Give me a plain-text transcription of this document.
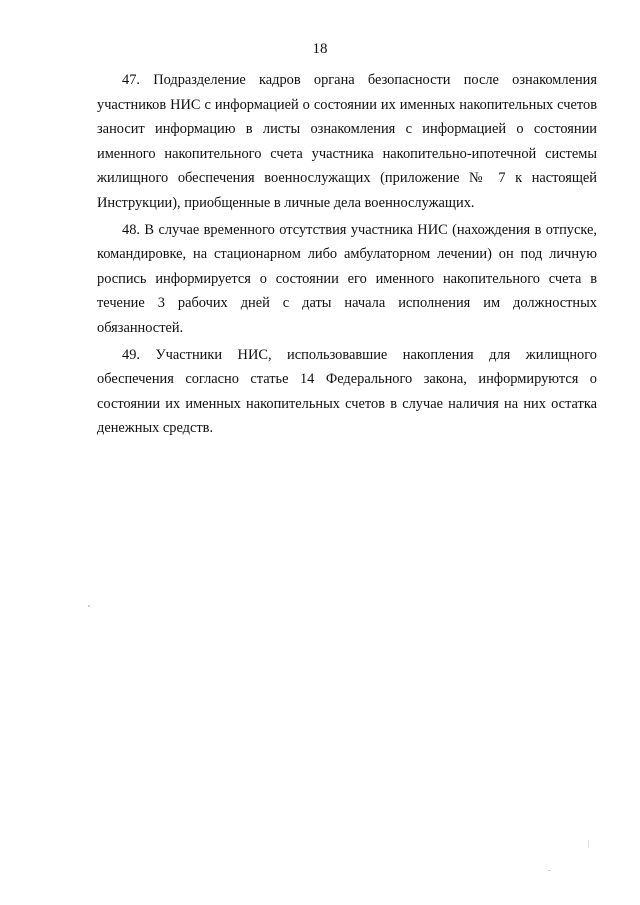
18

47. Подразделение кадров органа безопасности после ознакомления участников НИС с информацией о состоянии их именных накопительных счетов заносит информацию в листы ознакомления с информацией о состоянии именного накопительного счета участника накопительно-ипотечной системы жилищного обеспечения военнослужащих (приложение № 7 к настоящей Инструкции), приобщенные в личные дела военнослужащих.

48. В случае временного отсутствия участника НИС (нахождения в отпуске, командировке, на стационарном либо амбулаторном лечении) он под личную роспись информируется о состоянии его именного накопительного счета в течение 3 рабочих дней с даты начала исполнения им должностных обязанностей.

49. Участники НИС, использовавшие накопления для жилищного обеспечения согласно статье 14 Федерального закона, информируются о состоянии их именных накопительных счетов в случае наличия на них остатка денежных средств.
